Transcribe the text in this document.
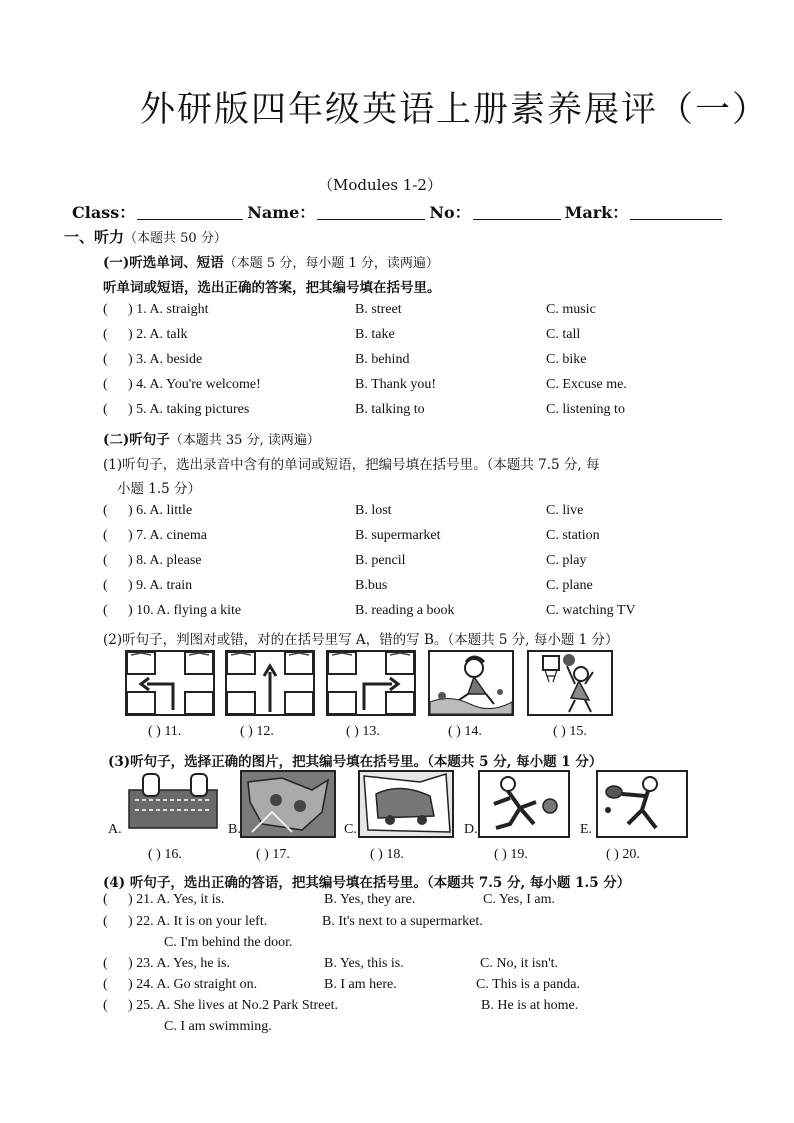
外研版四年级英语上册素养展评（一）
（Modules 1-2）
Class：	Name：	No：	Mark：
一、听力（本题共 50 分）
(一)听选单词、短语（本题 5 分，每小题 1 分，读两遍）
听单词或短语，选出正确的答案，把其编号填在括号里。
( ) 1. A. straight	B. street	C. music
( ) 2. A. talk	B. take	C. tall
( ) 3. A. beside	B. behind	C. bike
( ) 4. A. You're welcome!	B. Thank you!	C. Excuse me.
( ) 5. A. taking pictures	B. talking to	C. listening to
(二)听句子（本题共 35 分, 读两遍）
(1)听句子，选出录音中含有的单词或短语，把编号填在括号里。（本题共 7.5 分, 每
小题 1.5 分）
( ) 6. A. little	B. lost	C. live
( ) 7. A. cinema	B. supermarket	C. station
( ) 8. A. please	B. pencil	C. play
( ) 9. A. train	B.bus	C. plane
( ) 10. A. flying a kite	B. reading a book	C. watching TV
(2)听句子，判图对或错，对的在括号里写 A，错的写 B。（本题共 5 分, 每小题 1 分）
( ) 11.	( ) 12.	( ) 13.	( ) 14.	( ) 15.
(3)听句子，选择正确的图片，把其编号填在括号里。（本题共 5 分, 每小题 1 分）
A.	B.	C.	D.	E.
( ) 16.	( ) 17.	( ) 18.	( ) 19.	( ) 20.
(4) 听句子，选出正确的答语，把其编号填在括号里。（本题共 7.5 分, 每小题 1.5 分）
( ) 21. A. Yes, it is.	B. Yes, they are.	C. Yes, I am.
( ) 22. A. It is on your left.	B. It's next to a supermarket.
C. I'm behind the door.
( ) 23. A. Yes, he is.	B. Yes, this is.	C. No, it isn't.
( ) 24. A. Go straight on.	B. I am here.	C. This is a panda.
( ) 25. A. She lives at No.2 Park Street.	B. He is at home.
C. I am swimming.
